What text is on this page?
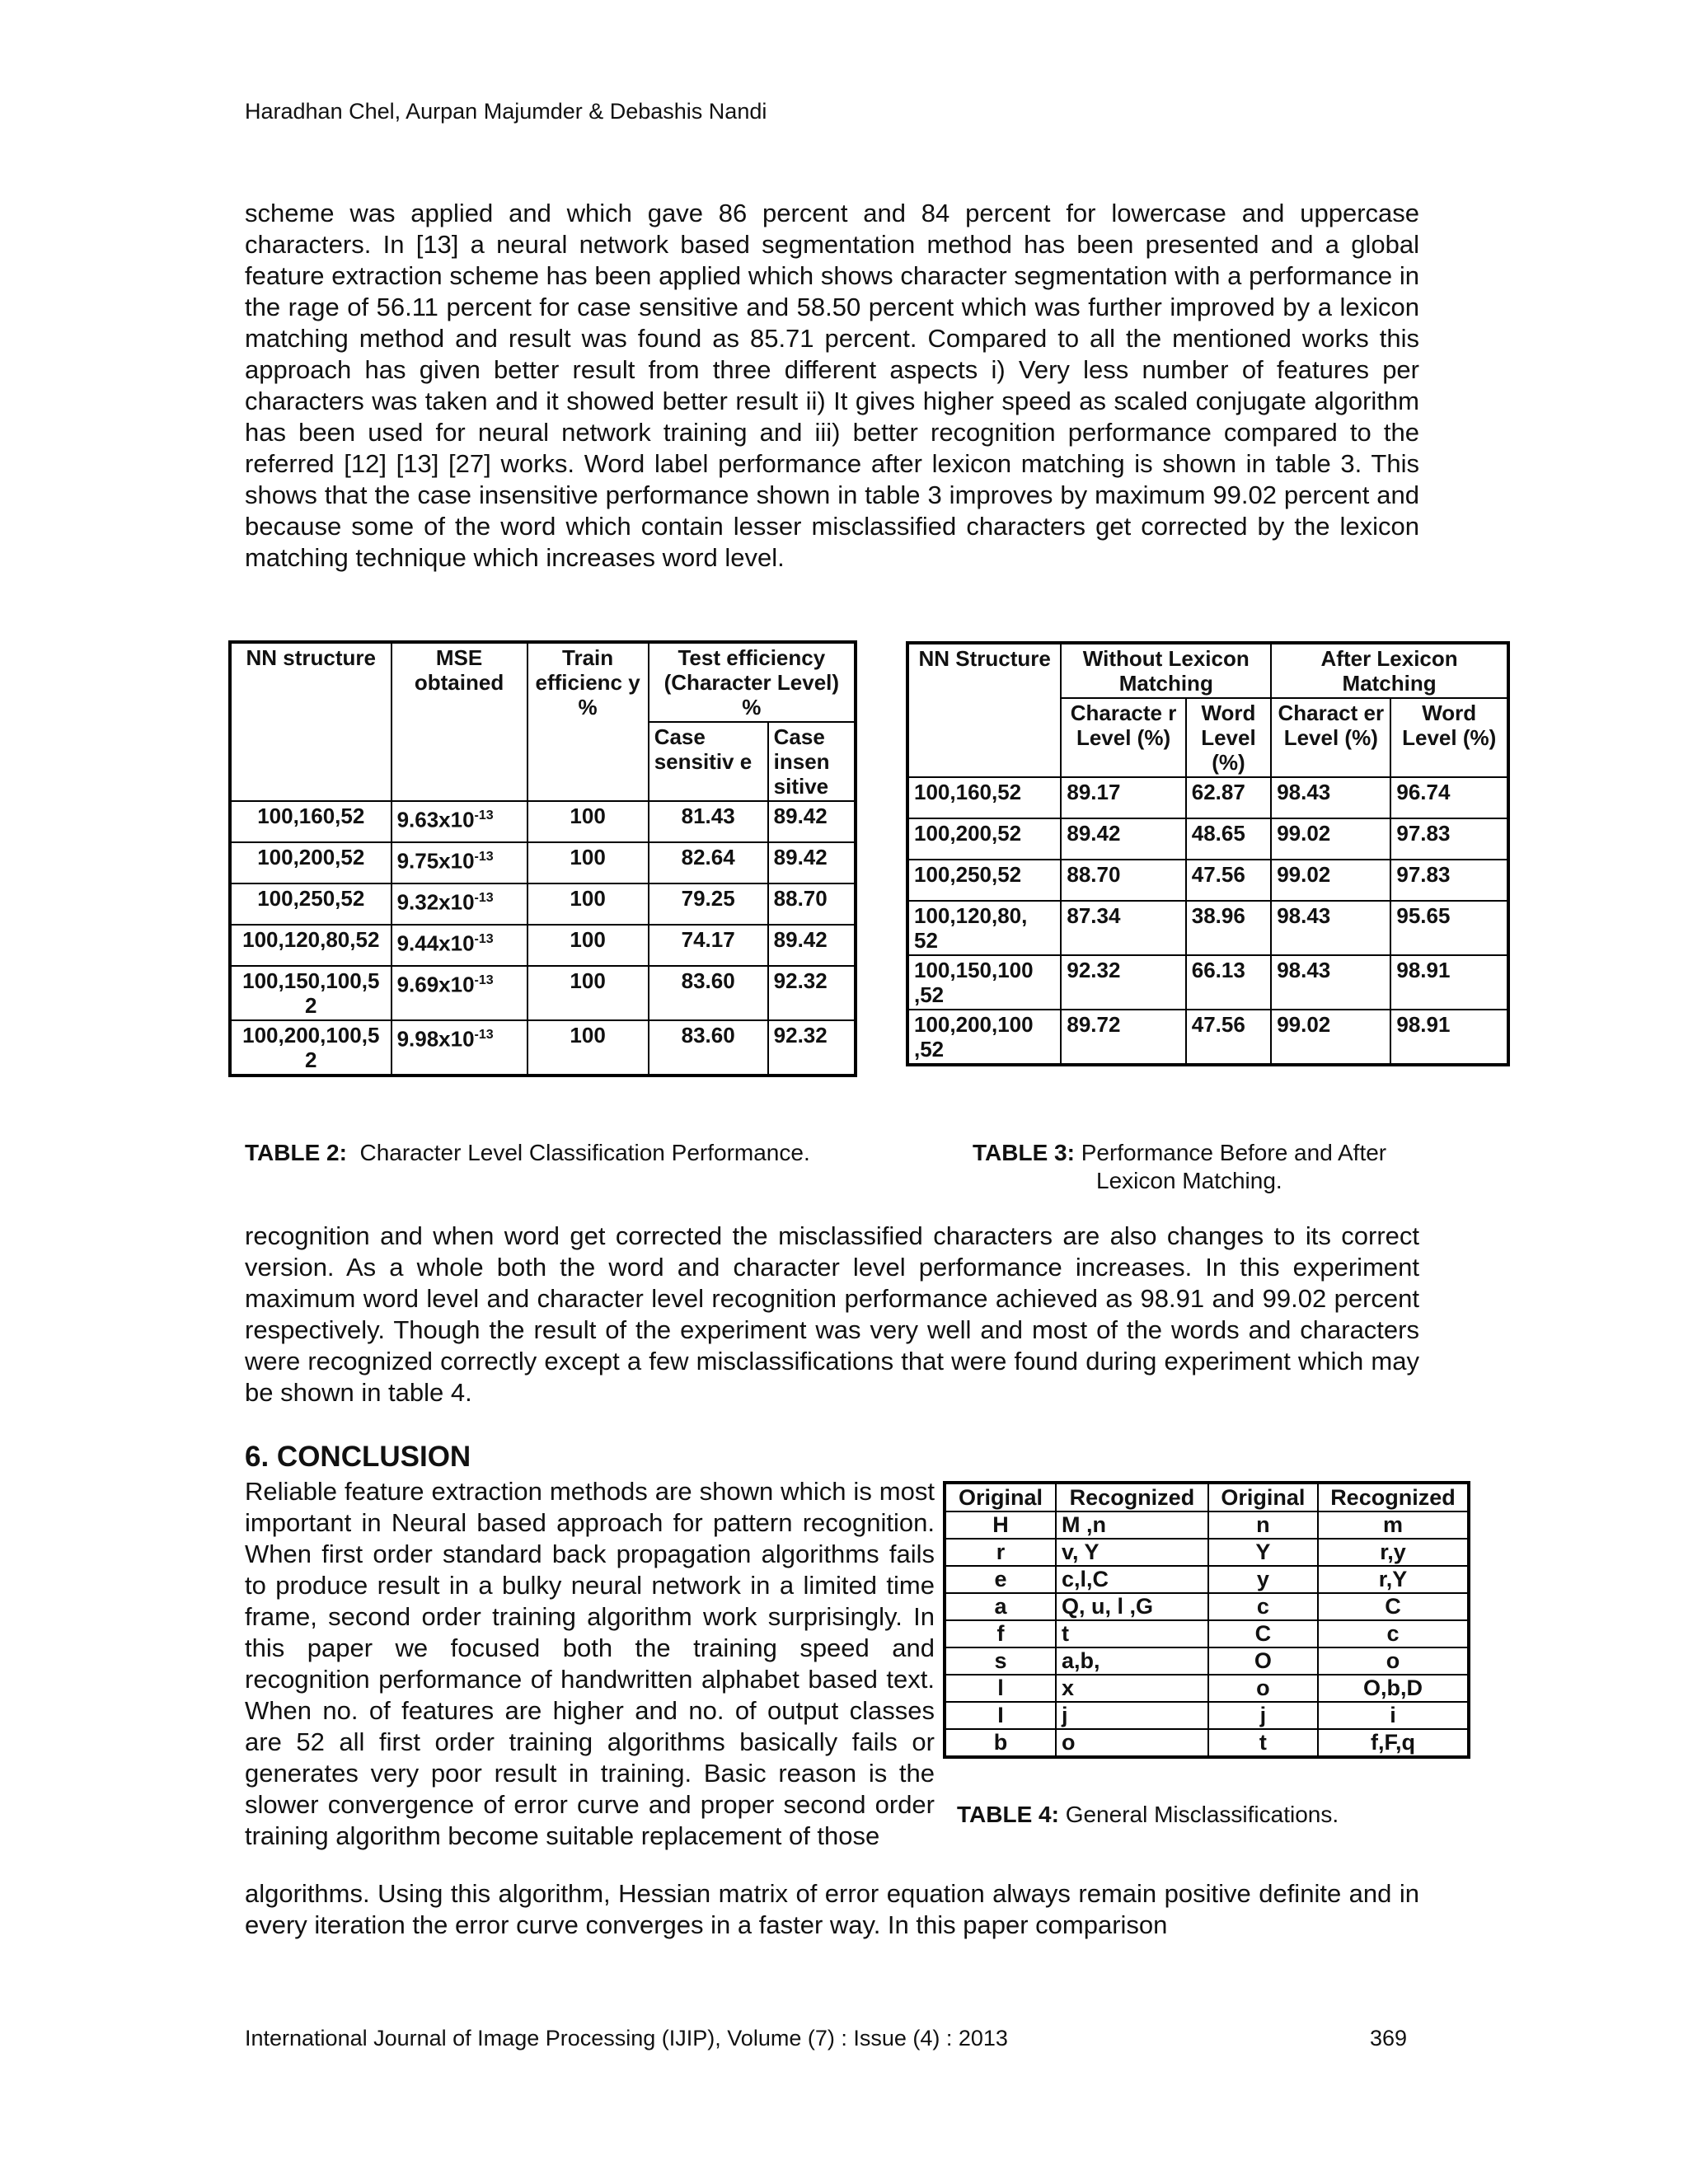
Haradhan Chel, Aurpan Majumder & Debashis Nandi

scheme was applied and which gave 86 percent and 84 percent for lowercase and uppercase characters. In [13] a neural network based segmentation method has been presented and a global feature extraction scheme has been applied which shows character segmentation with a performance in the rage of 56.11 percent for case sensitive and 58.50 percent which was further improved by a lexicon matching method and result was found as 85.71 percent. Compared to all the mentioned works this approach has given better result from three different aspects i) Very less number of features per characters was taken and it showed better result ii) It gives higher speed as scaled conjugate algorithm has been used for neural network training and iii) better recognition performance compared to the referred [12] [13] [27] works. Word label performance after lexicon matching is shown in table 3. This shows that the case insensitive performance shown in table 3 improves by maximum 99.02 percent and because some of the word which contain lesser misclassified characters get corrected by the lexicon matching technique which increases word level.

NN structure	MSE obtained	Train efficienc y %	Test efficiency (Character Level) %	
			Case sensitiv e	Case insen sitive
100,160,52	$9.63x10^{-13}$	100	81.43	89.42
100,200,52	$9.75x10^{-13}$	100	82.64	89.42
100,250,52	$9.32x10^{-13}$	100	79.25	88.70
100,120,80,52	$9.44x10^{-13}$	100	74.17	89.42
100,150,100,5 2	$9.69x10^{-13}$	100	83.60	92.32
100,200,100,5 2	$9.98x10^{-13}$	100	83.60	92.32
NN Structure	Without Lexicon Matching		After Lexicon Matching	
	Characte r Level (%)	Word Level (%)	Charact er Level (%)	Word Level (%)
100,160,52	89.17	62.87	98.43	96.74
100,200,52	89.42	48.65	99.02	97.83
100,250,52	88.70	47.56	99.02	97.83
100,120,80, 52	87.34	38.96	98.43	95.65
100,150,100 ,52	92.32	66.13	98.43	98.91
100,200,100 ,52	89.72	47.56	99.02	98.91
TABLE 2: Character Level Classification Performance.	TABLE 3: Performance Before and After
Lexicon Matching.

recognition and when word get corrected the misclassified characters are also changes to its correct version. As a whole both the word and character level performance increases. In this experiment maximum word level and character level recognition performance achieved as 98.91 and 99.02 percent respectively. Though the result of the experiment was very well and most of the words and characters were recognized correctly except a few misclassifications that were found during experiment which may be shown in table 4.

6. CONCLUSION

Reliable feature extraction methods are shown which is most important in Neural based approach for pattern recognition. When first order standard back propagation algorithms fails to produce result in a bulky neural network in a limited time frame, second order training algorithm work surprisingly. In this paper we focused both the training speed and recognition performance of handwritten alphabet based text. When no. of features are higher and no. of output classes are 52 all first order training algorithms basically fails or generates very poor result in training. Basic reason is the slower convergence of error curve and proper second order training algorithm become suitable replacement of those

Original	Recognized	Original	Recognized
H	M ,n	n	m
r	v, Y	Y	r,y
e	c,l,C	y	r,Y
a	Q, u, l ,G	c	C
f	t	C	c
s	a,b,	O	o
l	x	o	O,b,D
I	j	j	i
b	o	t	f,F,q
TABLE 4: General Misclassifications.

algorithms. Using this algorithm, Hessian matrix of error equation always remain positive definite and in every iteration the error curve converges in a faster way. In this paper comparison

International Journal of Image Processing (IJIP), Volume (7) : Issue (4) : 2013	369
